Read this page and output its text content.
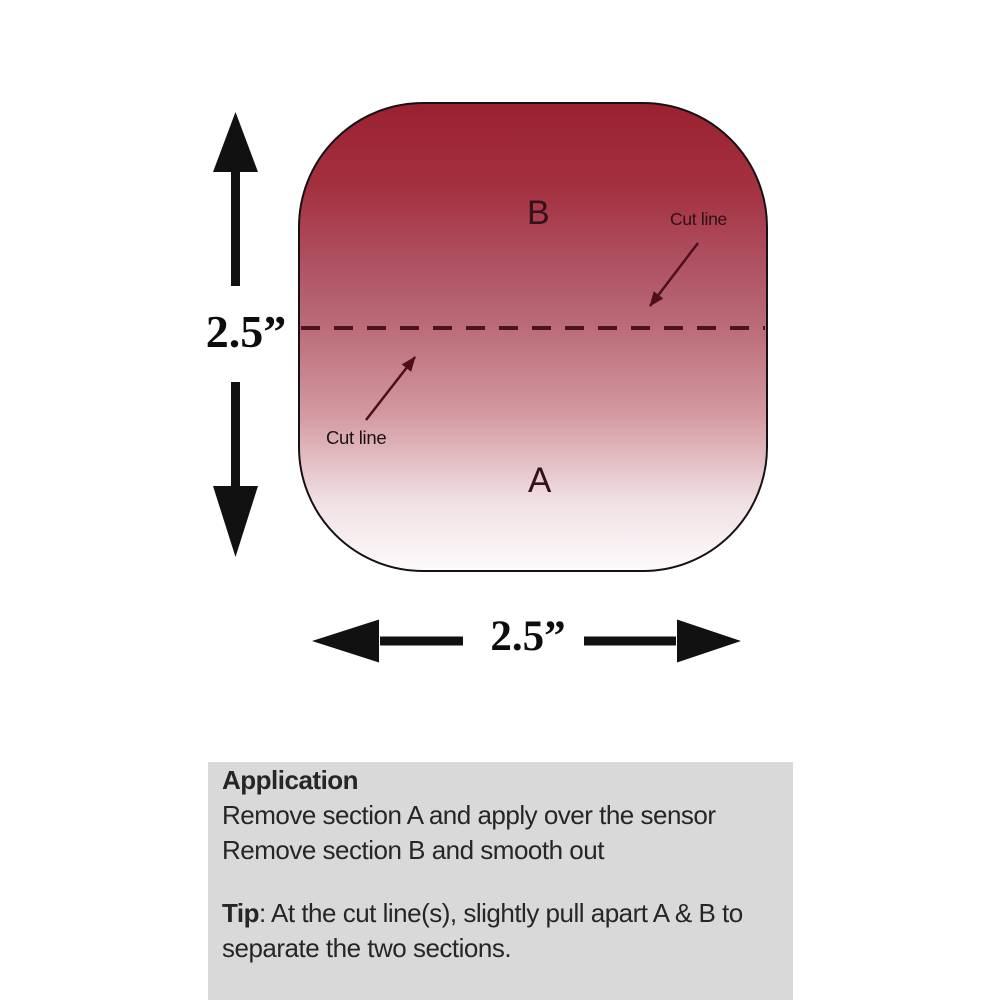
B
A
Cut line
Cut line
2.5”
2.5”
Application
Remove section A and apply over the sensor
Remove section B and smooth out
Tip: At the cut line(s), slightly pull apart A & B to
separate the two sections.
